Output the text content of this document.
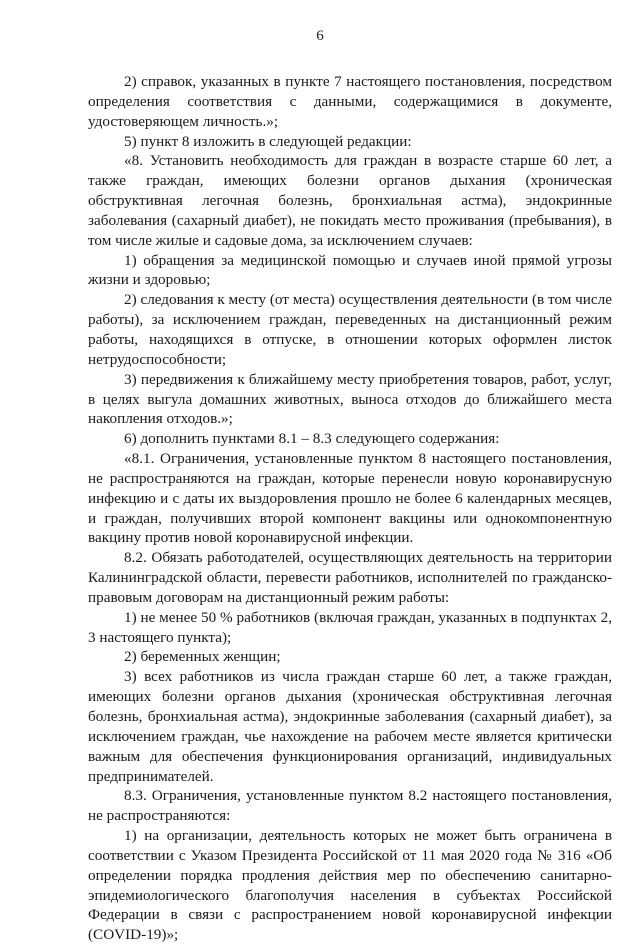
6

2) справок, указанных в пункте 7 настоящего постановления, посредством определения соответствия с данными, содержащимися в документе, удостоверяющем личность.»;

5) пункт 8 изложить в следующей редакции:

«8. Установить необходимость для граждан в возрасте старше 60 лет, а также граждан, имеющих болезни органов дыхания (хроническая обструктивная легочная болезнь, бронхиальная астма), эндокринные заболевания (сахарный диабет), не покидать место проживания (пребывания), в том числе жилые и садовые дома, за исключением случаев:

1) обращения за медицинской помощью и случаев иной прямой угрозы жизни и здоровью;

2) следования к месту (от места) осуществления деятельности (в том числе работы), за исключением граждан, переведенных на дистанционный режим работы, находящихся в отпуске, в отношении которых оформлен листок нетрудоспособности;

3) передвижения к ближайшему месту приобретения товаров, работ, услуг, в целях выгула домашних животных, выноса отходов до ближайшего места накопления отходов.»;

6) дополнить пунктами 8.1 – 8.3 следующего содержания:

«8.1. Ограничения, установленные пунктом 8 настоящего постановления, не распространяются на граждан, которые перенесли новую коронавирусную инфекцию и с даты их выздоровления прошло не более 6 календарных месяцев, и граждан, получивших второй компонент вакцины или однокомпонентную вакцину против новой коронавирусной инфекции.

8.2. Обязать работодателей, осуществляющих деятельность на территории Калининградской области, перевести работников, исполнителей по гражданско-правовым договорам на дистанционный режим работы:

1) не менее 50 % работников (включая граждан, указанных в подпунктах 2, 3 настоящего пункта);

2) беременных женщин;

3) всех работников из числа граждан старше 60 лет, а также граждан, имеющих болезни органов дыхания (хроническая обструктивная легочная болезнь, бронхиальная астма), эндокринные заболевания (сахарный диабет), за исключением граждан, чье нахождение на рабочем месте является критически важным для обеспечения функционирования организаций, индивидуальных предпринимателей.

8.3. Ограничения, установленные пунктом 8.2 настоящего постановления, не распространяются:

1) на организации, деятельность которых не может быть ограничена в соответствии с Указом Президента Российской от 11 мая 2020 года № 316 «Об определении порядка продления действия мер по обеспечению санитарно-эпидемиологического благополучия населения в субъектах Российской Федерации в связи с распространением новой коронавирусной инфекции (COVID-19)»;
